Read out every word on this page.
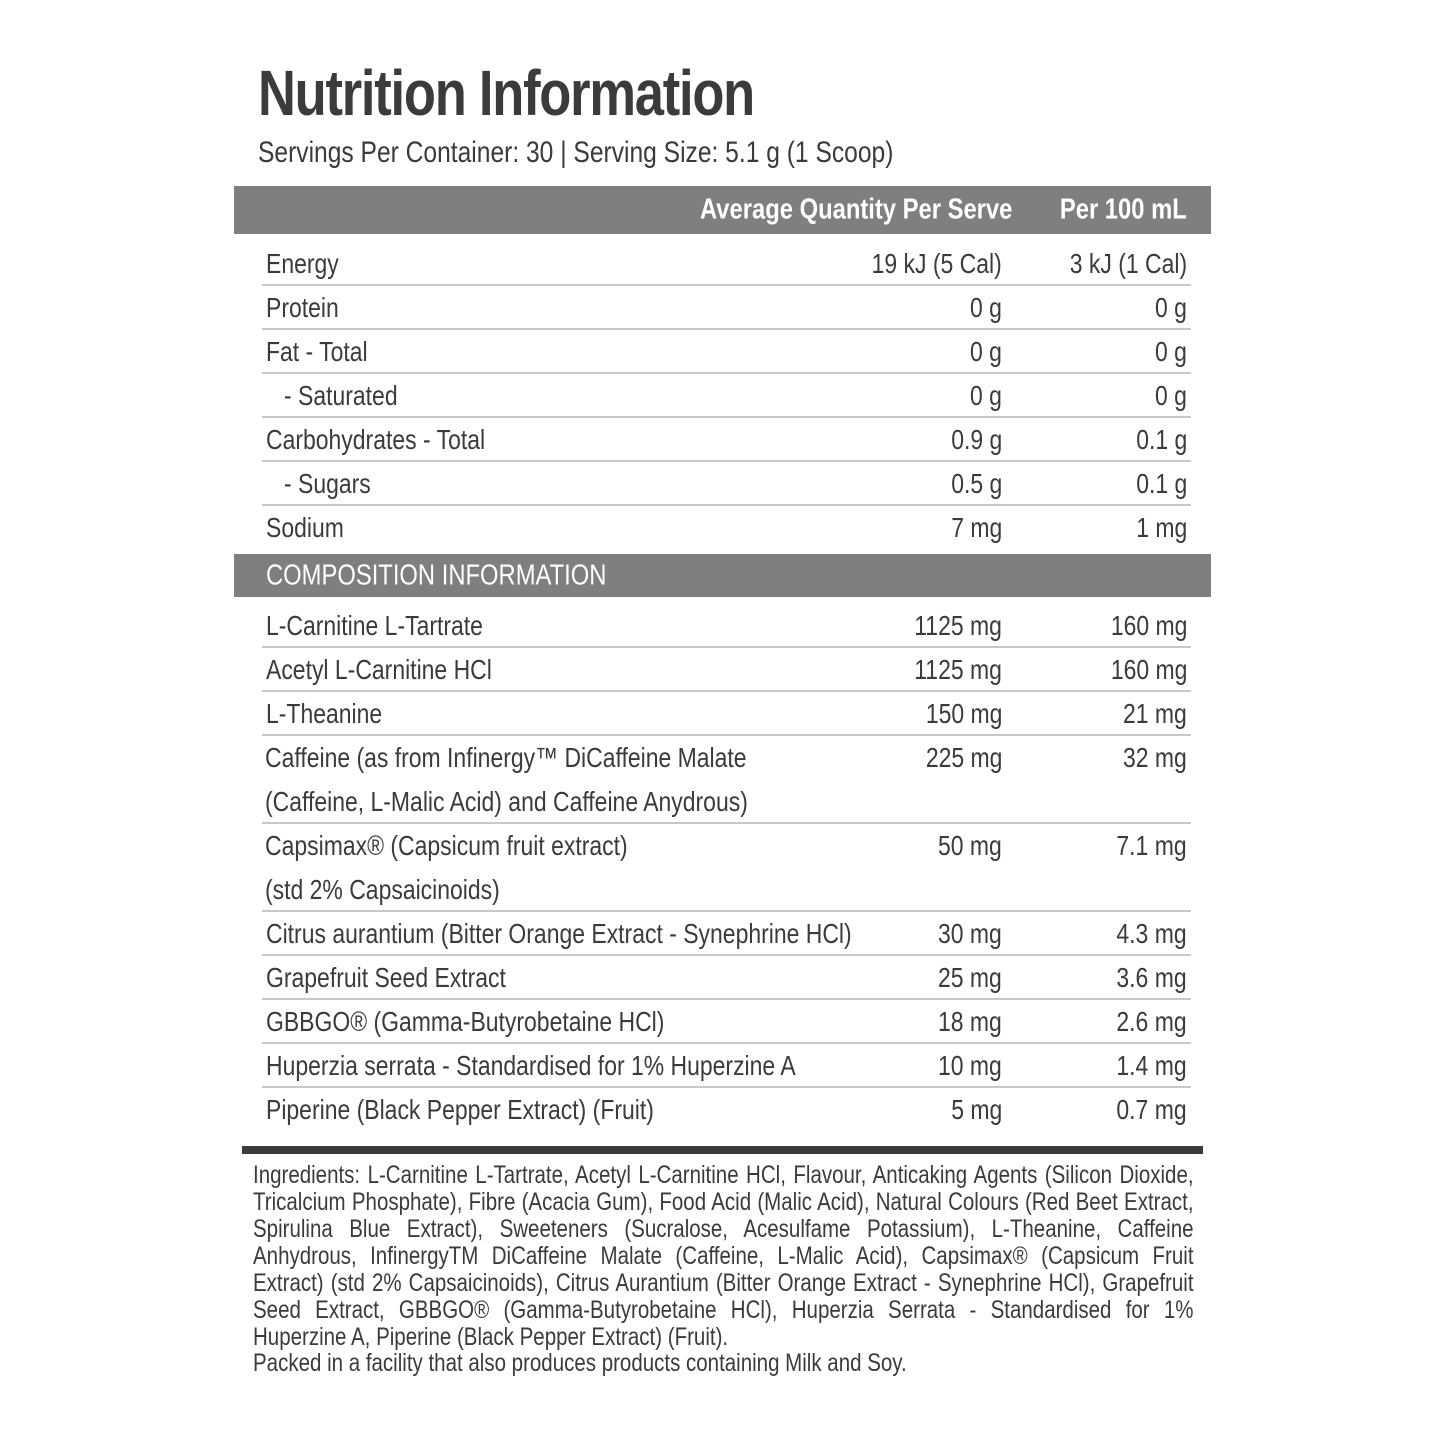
Nutrition Information
Servings Per Container: 30 | Serving Size: 5.1 g (1 Scoop)
Average Quantity Per Serve Per 100 mL
Energy	19 kJ (5 Cal) 3 kJ (1 Cal)
Protein	0 g	0 g
Fat - Total	0 g	0 g
- Saturated	0 g	0 g
Carbohydrates - Total	0.9 g	0.1 g
- Sugars	0.5 g	0.1 g
Sodium	7 mg	1 mg
COMPOSITION INFORMATION
L-Carnitine L-Tartrate	1125 mg	160 mg
Acetyl L-Carnitine HCl	1125 mg	160 mg
L-Theanine	150 mg	21 mg
Caffeine (as from Infinergy™ DiCaffeine Malate
(Caffeine, L-Malic Acid) and Caffeine Anydrous)
225 mg	32 mg
Capsimax® (Capsicum fruit extract)
(std 2% Capsaicinoids)
50 mg	7.1 mg
Citrus aurantium (Bitter Orange Extract - Synephrine HCl)	30 mg	4.3 mg
Grapefruit Seed Extract	25 mg	3.6 mg
GBBGO® (Gamma-Butyrobetaine HCl)	18 mg	2.6 mg
Huperzia serrata - Standardised for 1% Huperzine A	10 mg	1.4 mg
Piperine (Black Pepper Extract) (Fruit)	5 mg	0.7 mg
Ingredients: L-Carnitine L-Tartrate, Acetyl L-Carnitine HCl, Flavour, Anticaking Agents (Silicon Dioxide, Tricalcium Phosphate), Fibre (Acacia Gum), Food Acid (Malic Acid), Natural Colours (Red Beet Extract, Spirulina Blue Extract), Sweeteners (Sucralose, Acesulfame Potassium), L-Theanine, Caffeine Anhydrous, InfinergyTM DiCaffeine Malate (Caffeine, L-Malic Acid), Capsimax® (Capsicum Fruit Extract) (std 2% Capsaicinoids), Citrus Aurantium (Bitter Orange Extract - Synephrine HCl), Grapefruit Seed Extract, GBBGO® (Gamma-Butyrobetaine HCl), Huperzia Serrata - Standardised for 1% Huperzine A, Piperine (Black Pepper Extract) (Fruit).
Packed in a facility that also produces products containing Milk and Soy.
